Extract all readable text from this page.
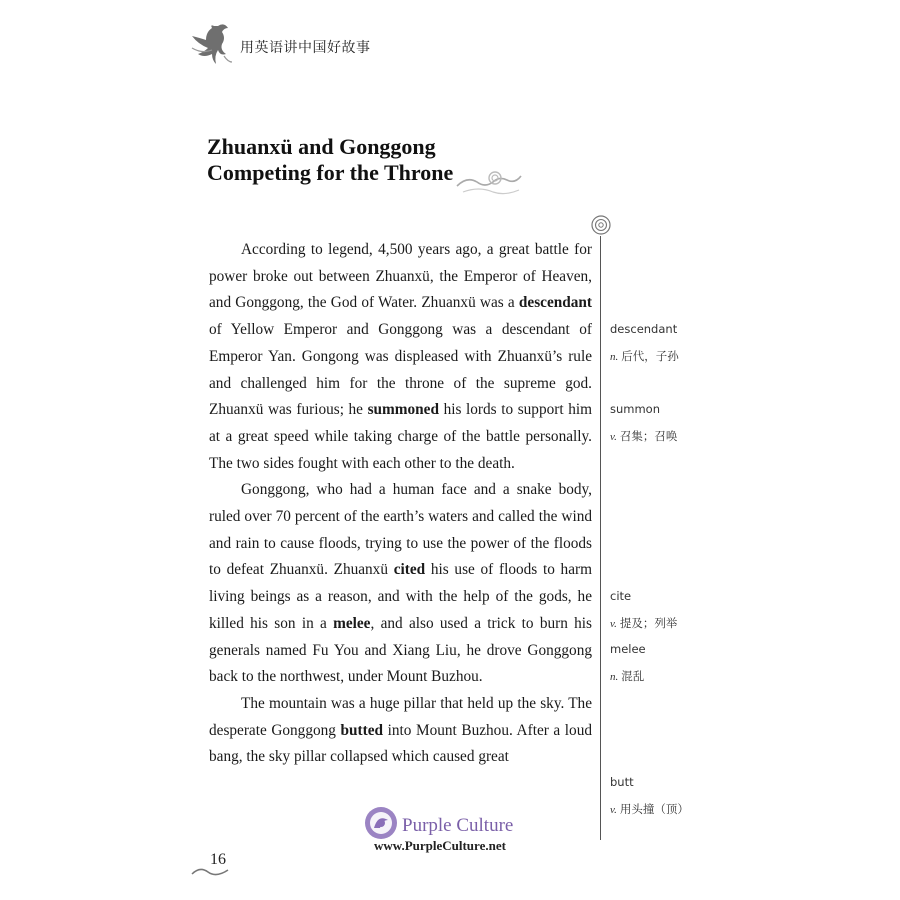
用英语讲中国好故事
Zhuanxü and Gonggong
Competing for the Throne

According to legend, 4,500 years ago, a great battle for power broke out between Zhuanxü, the Emperor of Heaven, and Gonggong, the God of Water. Zhuanxü was a descendant of Yellow Emperor and Gonggong was a descendant of Emperor Yan. Gongong was displeased with Zhuanxü’s rule and challenged him for the throne of the supreme god. Zhuanxü was furious; he summoned his lords to support him at a great speed while taking charge of the battle personally. The two sides fought with each other to the death.

Gonggong, who had a human face and a snake body, ruled over 70 percent of the earth’s waters and called the wind and rain to cause floods, trying to use the power of the floods to defeat Zhuanxü. Zhuanxü cited his use of floods to harm living beings as a reason, and with the help of the gods, he killed his son in a melee, and also used a trick to burn his generals named Fu You and Xiang Liu, he drove Gonggong back to the northwest, under Mount Buzhou.

The mountain was a huge pillar that held up the sky. The desperate Gonggong butted into Mount Buzhou. After a loud bang, the sky pillar collapsed which caused great

descendant
n. 后代，子孙
summon
v. 召集；召唤
cite
v. 提及；列举
melee
n. 混乱
butt
v. 用头撞（顶）
Purple Culture
www.PurpleCulture.net
16
